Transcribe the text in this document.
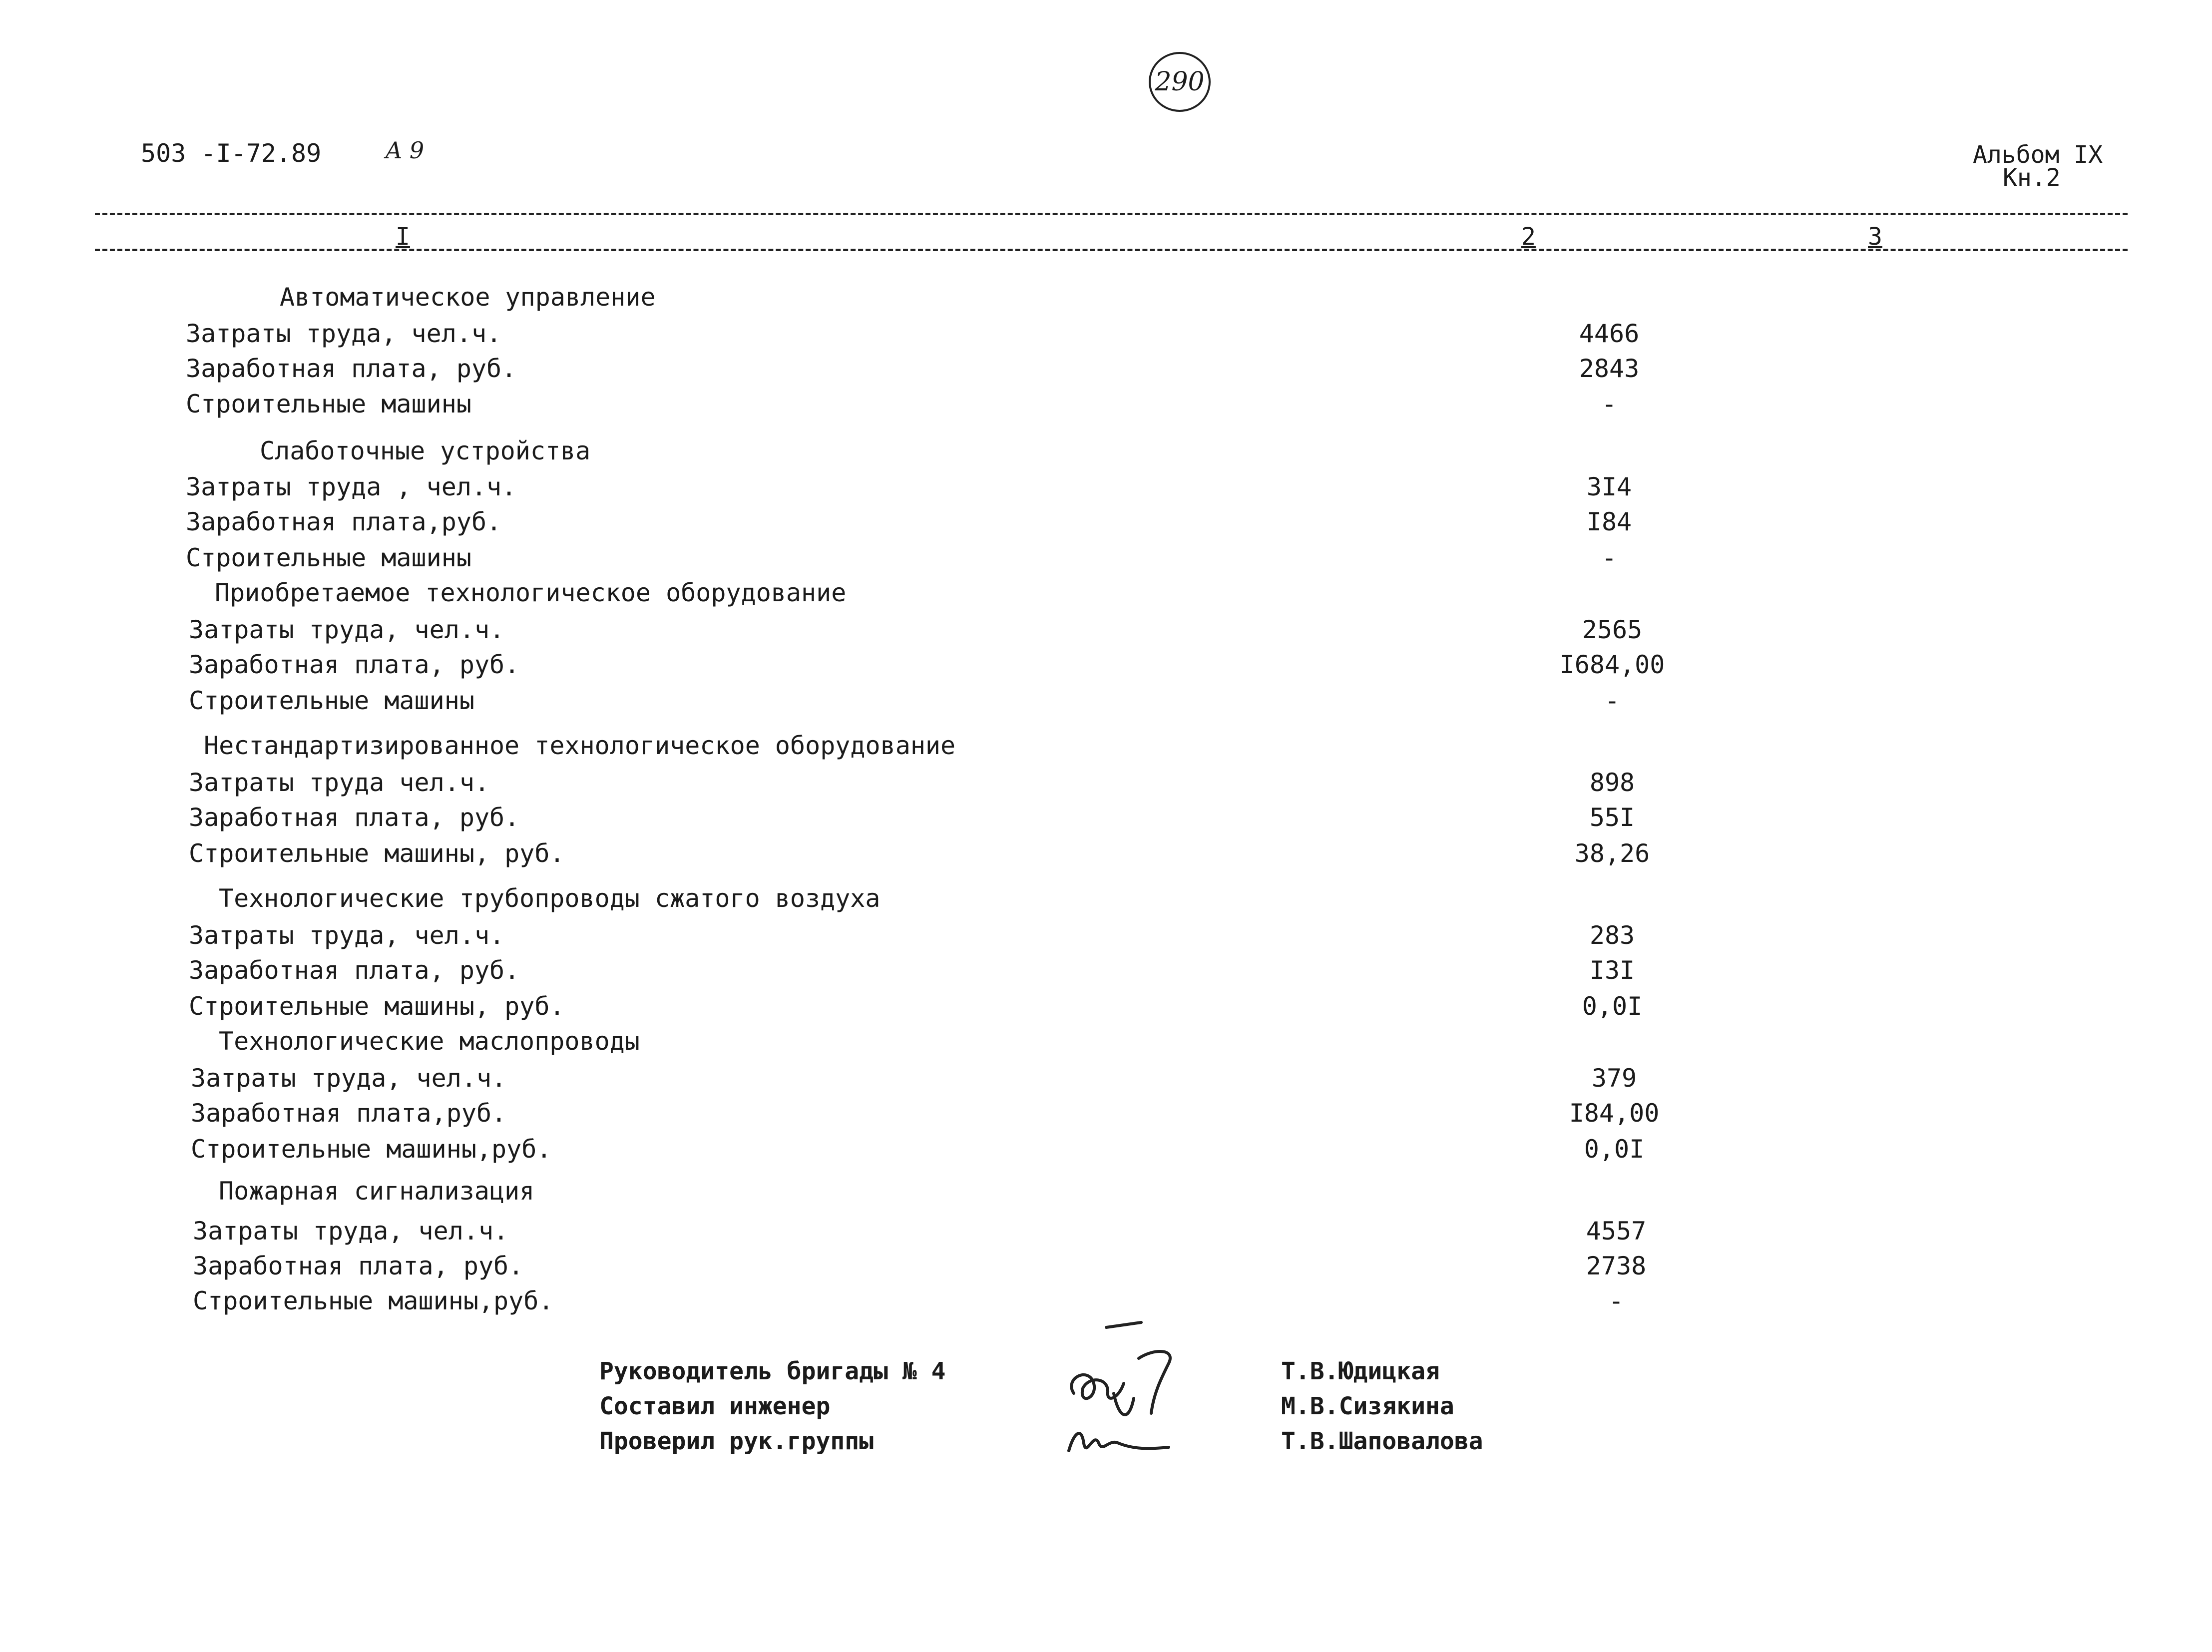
290
503 -I-72.89	A 9	Альбом IX
Кн.2
I	2	3
Автоматическое управление
Затраты труда, чел.ч.	4466
Заработная плата, руб.	2843
Строительные машины	-
Слаботочные устройства
Затраты труда , чел.ч.	3I4
Заработная плата,руб.	I84
Строительные машины	-
Приобретаемое технологическое оборудование
Затраты труда, чел.ч.	2565
Заработная плата, руб.	I684,00
Строительные машины	-
Нестандартизированное технологическое оборудование
Затраты труда чел.ч.	898
Заработная плата, руб.	55I
Строительные машины, руб.	38,26
Технологические трубопроводы сжатого воздуха
Затраты труда, чел.ч.	283
Заработная плата, руб.	I3I
Строительные машины, руб.	0,0I
Технологические маслопроводы
Затраты труда, чел.ч.	379
Заработная плата,руб.	I84,00
Строительные машины,руб.	0,0I
Пожарная сигнализация
Затраты труда, чел.ч.	4557
Заработная плата, руб.	2738
Строительные машины,руб.	-
Руководитель бригады № 4	Т.В.Юдицкая
Составил инженер	М.В.Сизякина
Проверил рук.группы	Т.В.Шаповалова
